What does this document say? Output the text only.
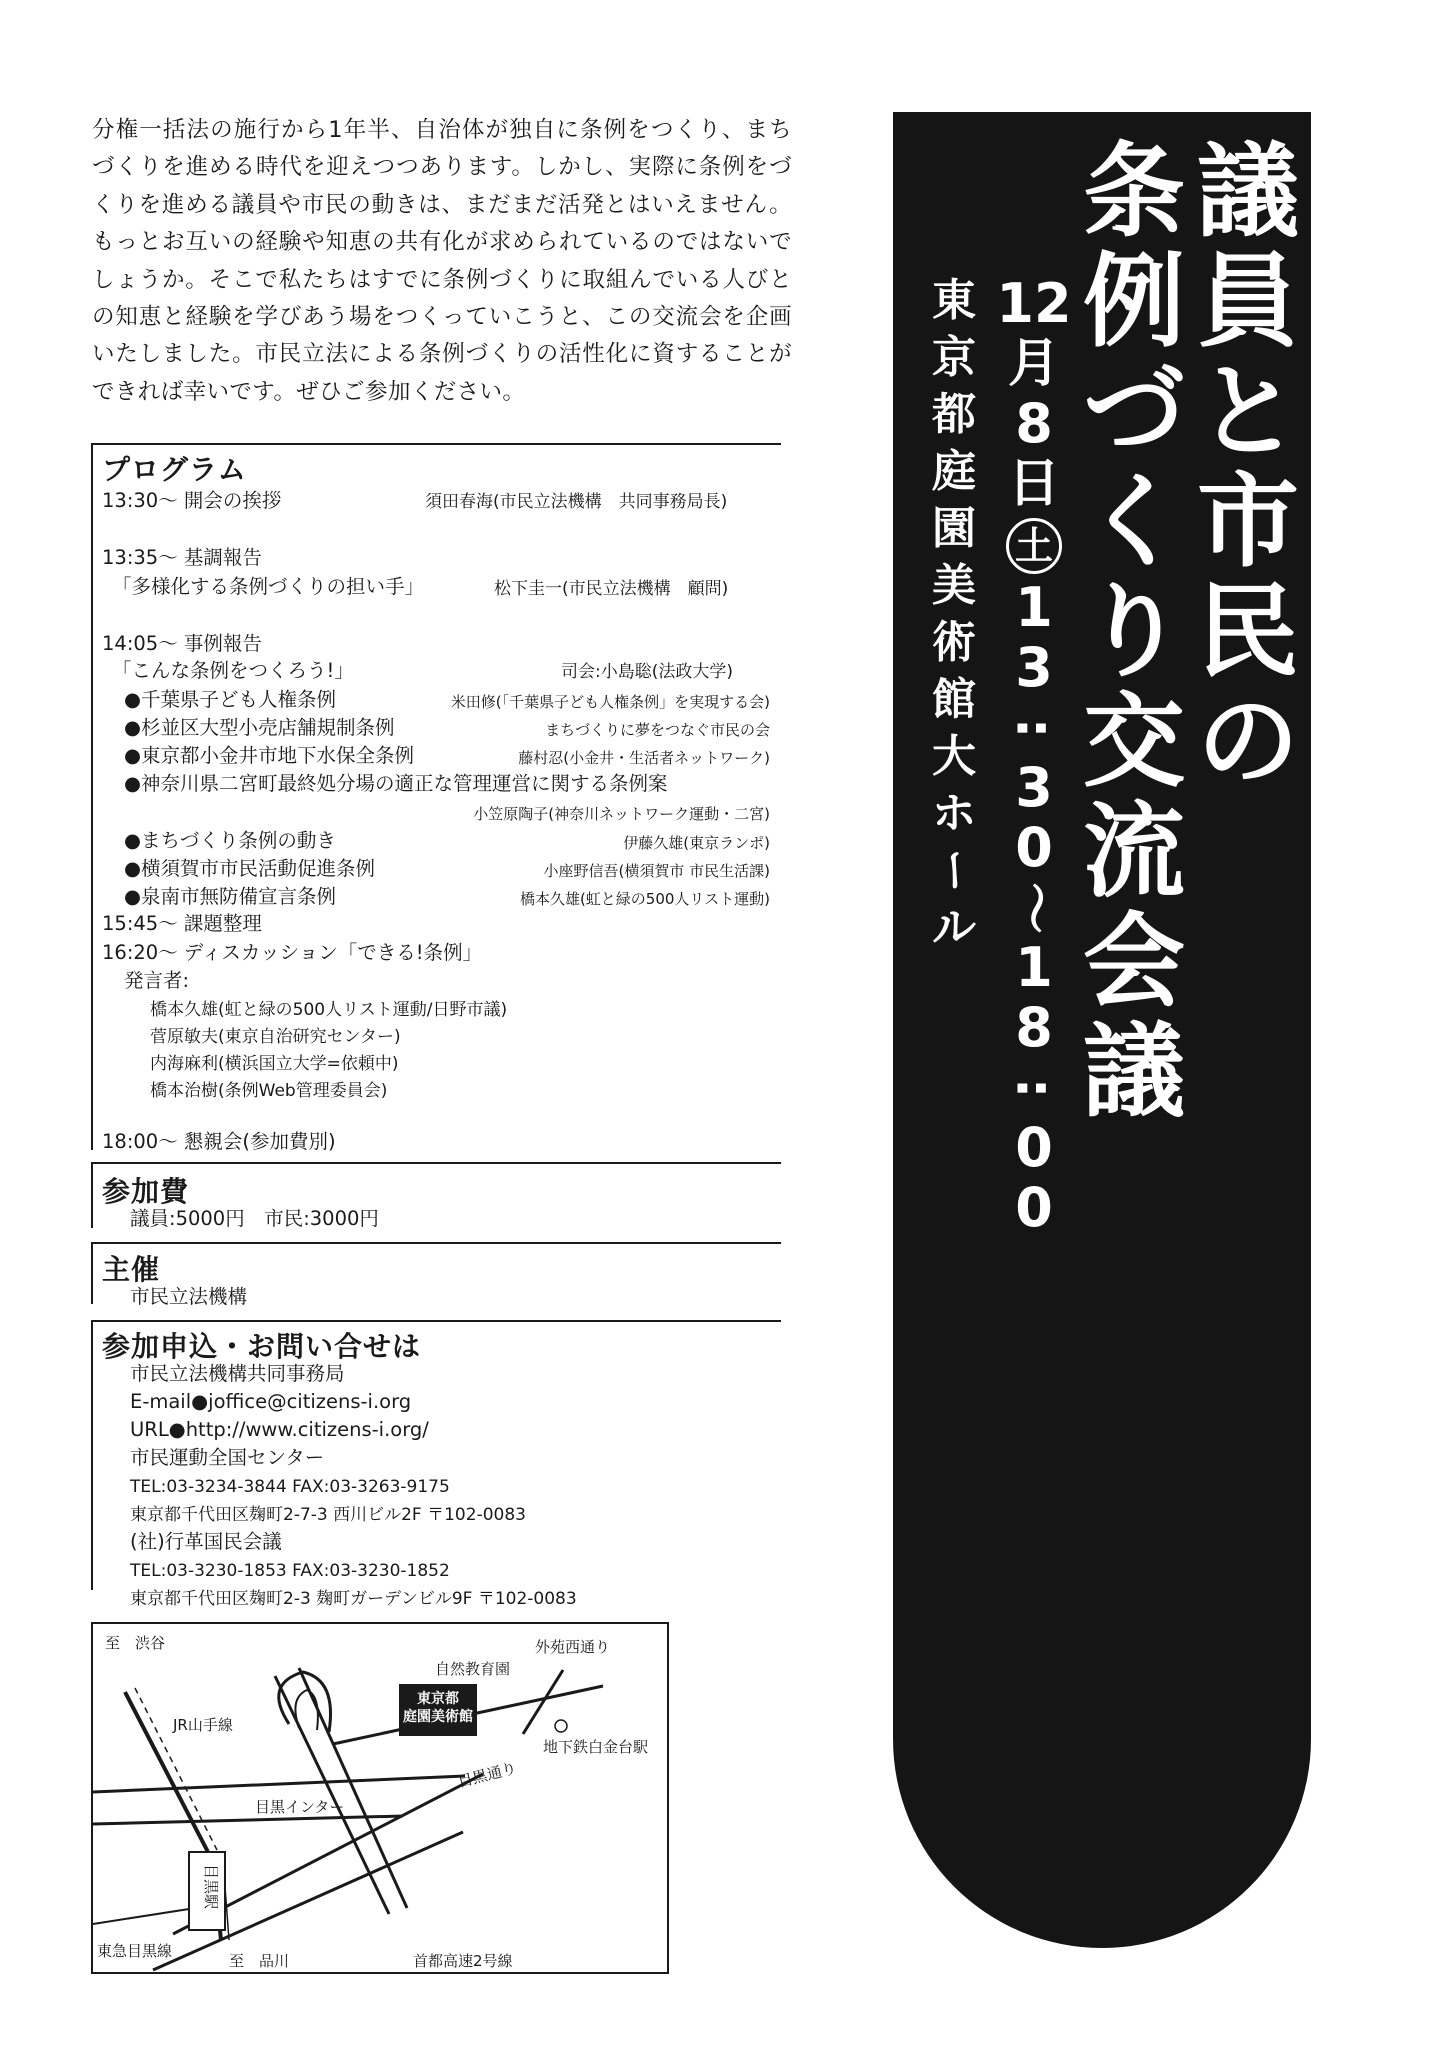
分権一括法の施行から1年半、自治体が独自に条例をつくり、まちづくりを進める時代を迎えつつあります。しかし、実際に条例をづくりを進める議員や市民の動きは、まだまだ活発とはいえません。もっとお互いの経験や知恵の共有化が求められているのではないでしょうか。そこで私たちはすでに条例づくりに取組んでいる人びとの知恵と経験を学びあう場をつくっていこうと、この交流会を企画いたしました。市民立法による条例づくりの活性化に資することができれば幸いです。ぜひご参加ください。

プログラム
13:30〜 開会の挨拶	須田春海(市民立法機構　共同事務局長)
13:35〜 基調報告
「多様化する条例づくりの担い手」	松下圭一(市民立法機構　顧問)
14:05〜 事例報告
「こんな条例をつくろう!」	司会:小島聡(法政大学)
●千葉県子ども人権条例	米田修(「千葉県子ども人権条例」を実現する会)
●杉並区大型小売店舗規制条例	まちづくりに夢をつなぐ市民の会
●東京都小金井市地下水保全条例	藤村忍(小金井・生活者ネットワーク)
●神奈川県二宮町最終処分場の適正な管理運営に関する条例案
小笠原陶子(神奈川ネットワーク運動・二宮)
●まちづくり条例の動き	伊藤久雄(東京ランポ)
●横須賀市市民活動促進条例	小座野信吾(横須賀市 市民生活課)
●泉南市無防備宣言条例	橋本久雄(虹と緑の500人リスト運動)
15:45〜 課題整理
16:20〜 ディスカッション「できる!条例」
発言者:
橋本久雄(虹と緑の500人リスト運動/日野市議)
菅原敏夫(東京自治研究センター)
内海麻利(横浜国立大学=依頼中)
橋本治樹(条例Web管理委員会)
18:00〜 懇親会(参加費別)
参加費
議員:5000円　市民:3000円
主催
市民立法機構
参加申込・お問い合せは
市民立法機構共同事務局
E-mail●joffice@citizens-i.org
URL●http://www.citizens-i.org/
市民運動全国センター
TEL:03-3234-3844 FAX:03-3263-9175
東京都千代田区麹町2-7-3 西川ビル2F 〒102-0083
(社)行革国民会議
TEL:03-3230-1853 FAX:03-3230-1852
東京都千代田区麹町2-3 麹町ガーデンビル9F 〒102-0083
至　渋谷
JR山手線
自然教育園
外苑西通り
東京都
庭園美術館
地下鉄白金台駅
目黒通り
目黒インター
目黒駅
東急目黒線
至　品川	首都高速2号線
議
員
と
市
民
の
条
例
づ
く
り
交
流
会
議
12
月
8
日
土
1
3
:
3
0
〜
1
8
:
0
0
東
京
都
庭
園
美
術
館
大
ホ
ー
ル
